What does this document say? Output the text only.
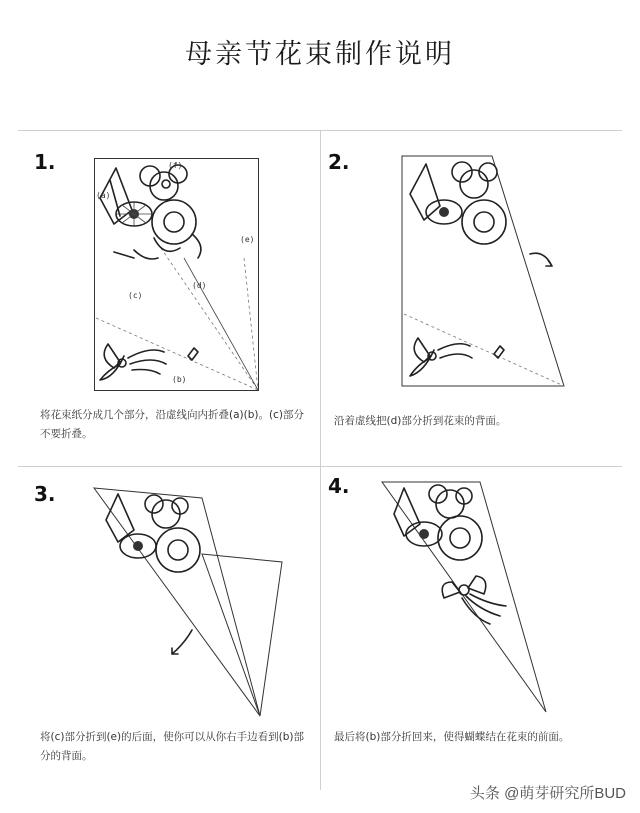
母亲节花束制作说明
1.
(a)
(b)
(c)
(d)
(e)
(f)
将花束纸分成几个部分，沿虚线向内折叠(a)(b)。(c)部分不要折叠。
2.
沿着虚线把(d)部分折到花束的背面。
3.
将(c)部分折到(e)的后面，使你可以从你右手边看到(b)部分的背面。
4.
最后将(b)部分折回来，使得蝴蝶结在花束的前面。
头条 @萌芽研究所BUD
